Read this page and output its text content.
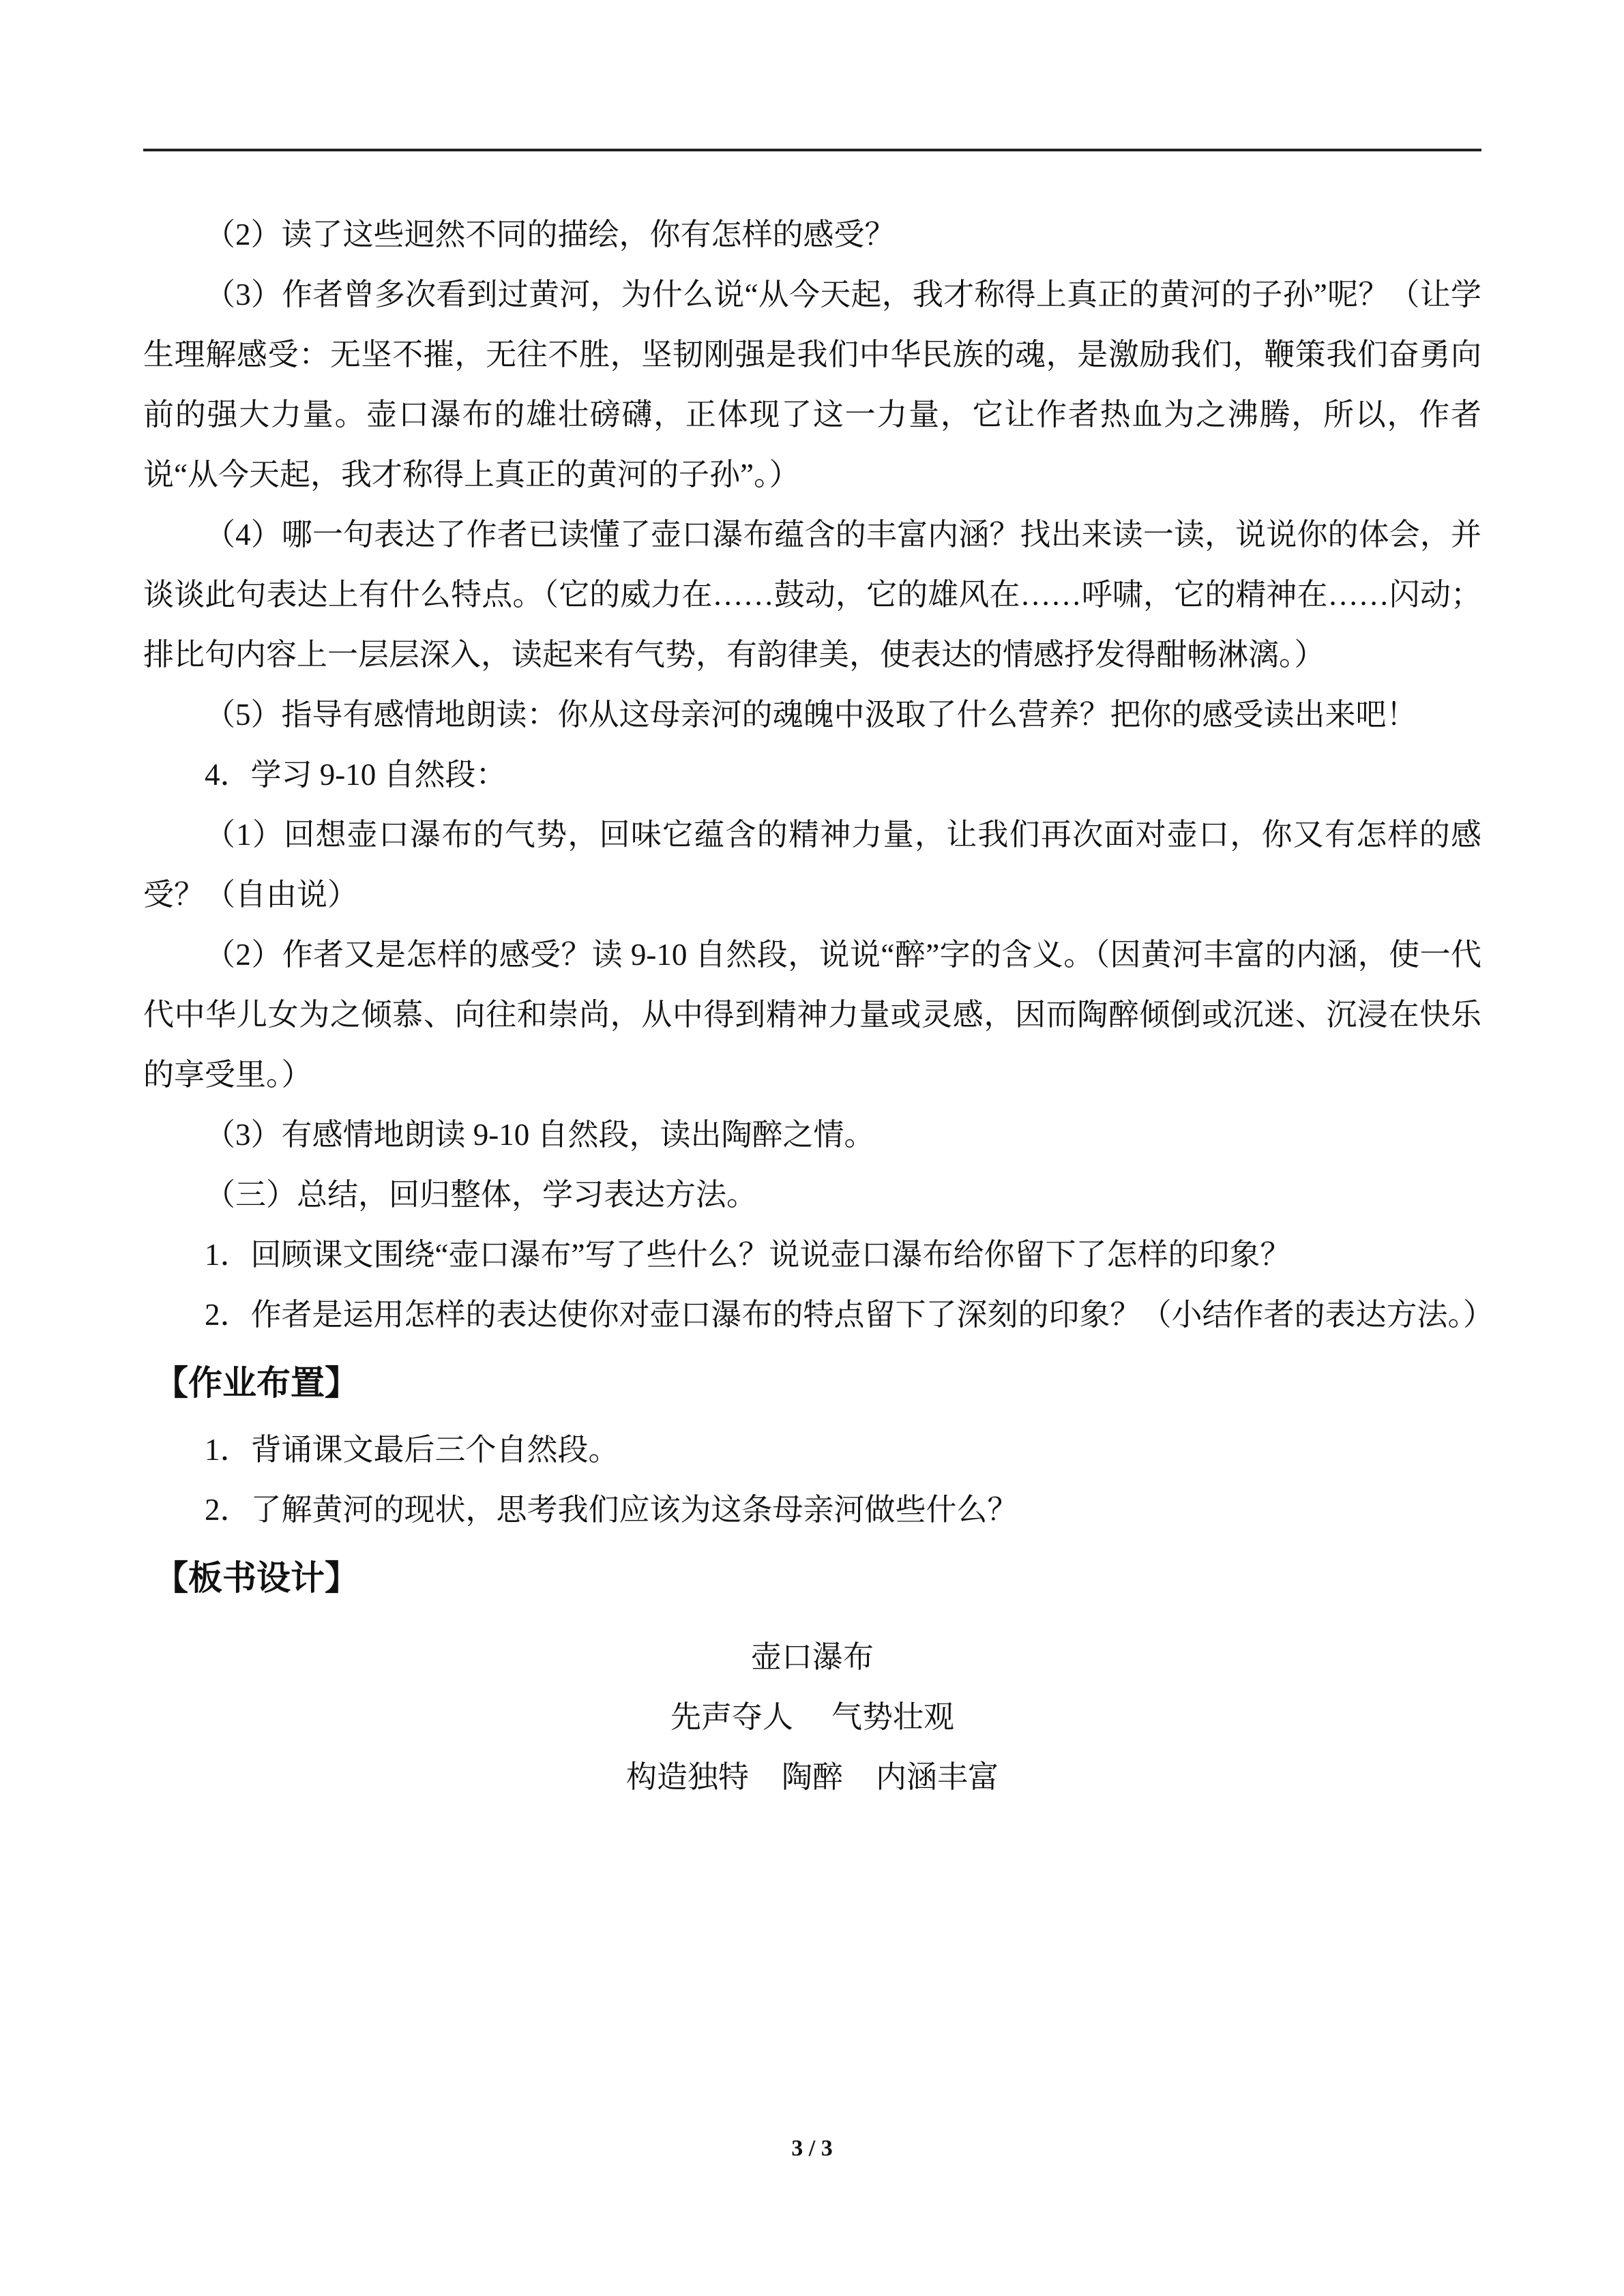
（2）读了这些迥然不同的描绘，你有怎样的感受？

（3）作者曾多次看到过黄河，为什么说“从今天起，我才称得上真正的黄河的子孙”呢？（让学生理解感受：无坚不摧，无往不胜，坚韧刚强是我们中华民族的魂，是激励我们，鞭策我们奋勇向前的强大力量。壶口瀑布的雄壮磅礴，正体现了这一力量，它让作者热血为之沸腾，所以，作者说“从今天起，我才称得上真正的黄河的子孙”。）

（4）哪一句表达了作者已读懂了壶口瀑布蕴含的丰富内涵？找出来读一读，说说你的体会，并谈谈此句表达上有什么特点。（它的威力在……鼓动，它的雄风在……呼啸，它的精神在……闪动；排比句内容上一层层深入，读起来有气势，有韵律美，使表达的情感抒发得酣畅淋漓。）

（5）指导有感情地朗读：你从这母亲河的魂魄中汲取了什么营养？把你的感受读出来吧！

4．学习 9-10 自然段：

（1）回想壶口瀑布的气势，回味它蕴含的精神力量，让我们再次面对壶口，你又有怎样的感受？（自由说）

（2）作者又是怎样的感受？读 9-10 自然段，说说“醉”字的含义。（因黄河丰富的内涵，使一代代中华儿女为之倾慕、向往和崇尚，从中得到精神力量或灵感，因而陶醉倾倒或沉迷、沉浸在快乐的享受里。）

（3）有感情地朗读 9-10 自然段，读出陶醉之情。

（三）总结，回归整体，学习表达方法。

1．回顾课文围绕“壶口瀑布”写了些什么？说说壶口瀑布给你留下了怎样的印象？

2．作者是运用怎样的表达使你对壶口瀑布的特点留下了深刻的印象？（小结作者的表达方法。）

【作业布置】

1．背诵课文最后三个自然段。

2．了解黄河的现状，思考我们应该为这条母亲河做些什么？

【板书设计】

壶口瀑布

先声夺人 气势壮观

构造独特 陶醉 内涵丰富

3 / 3
